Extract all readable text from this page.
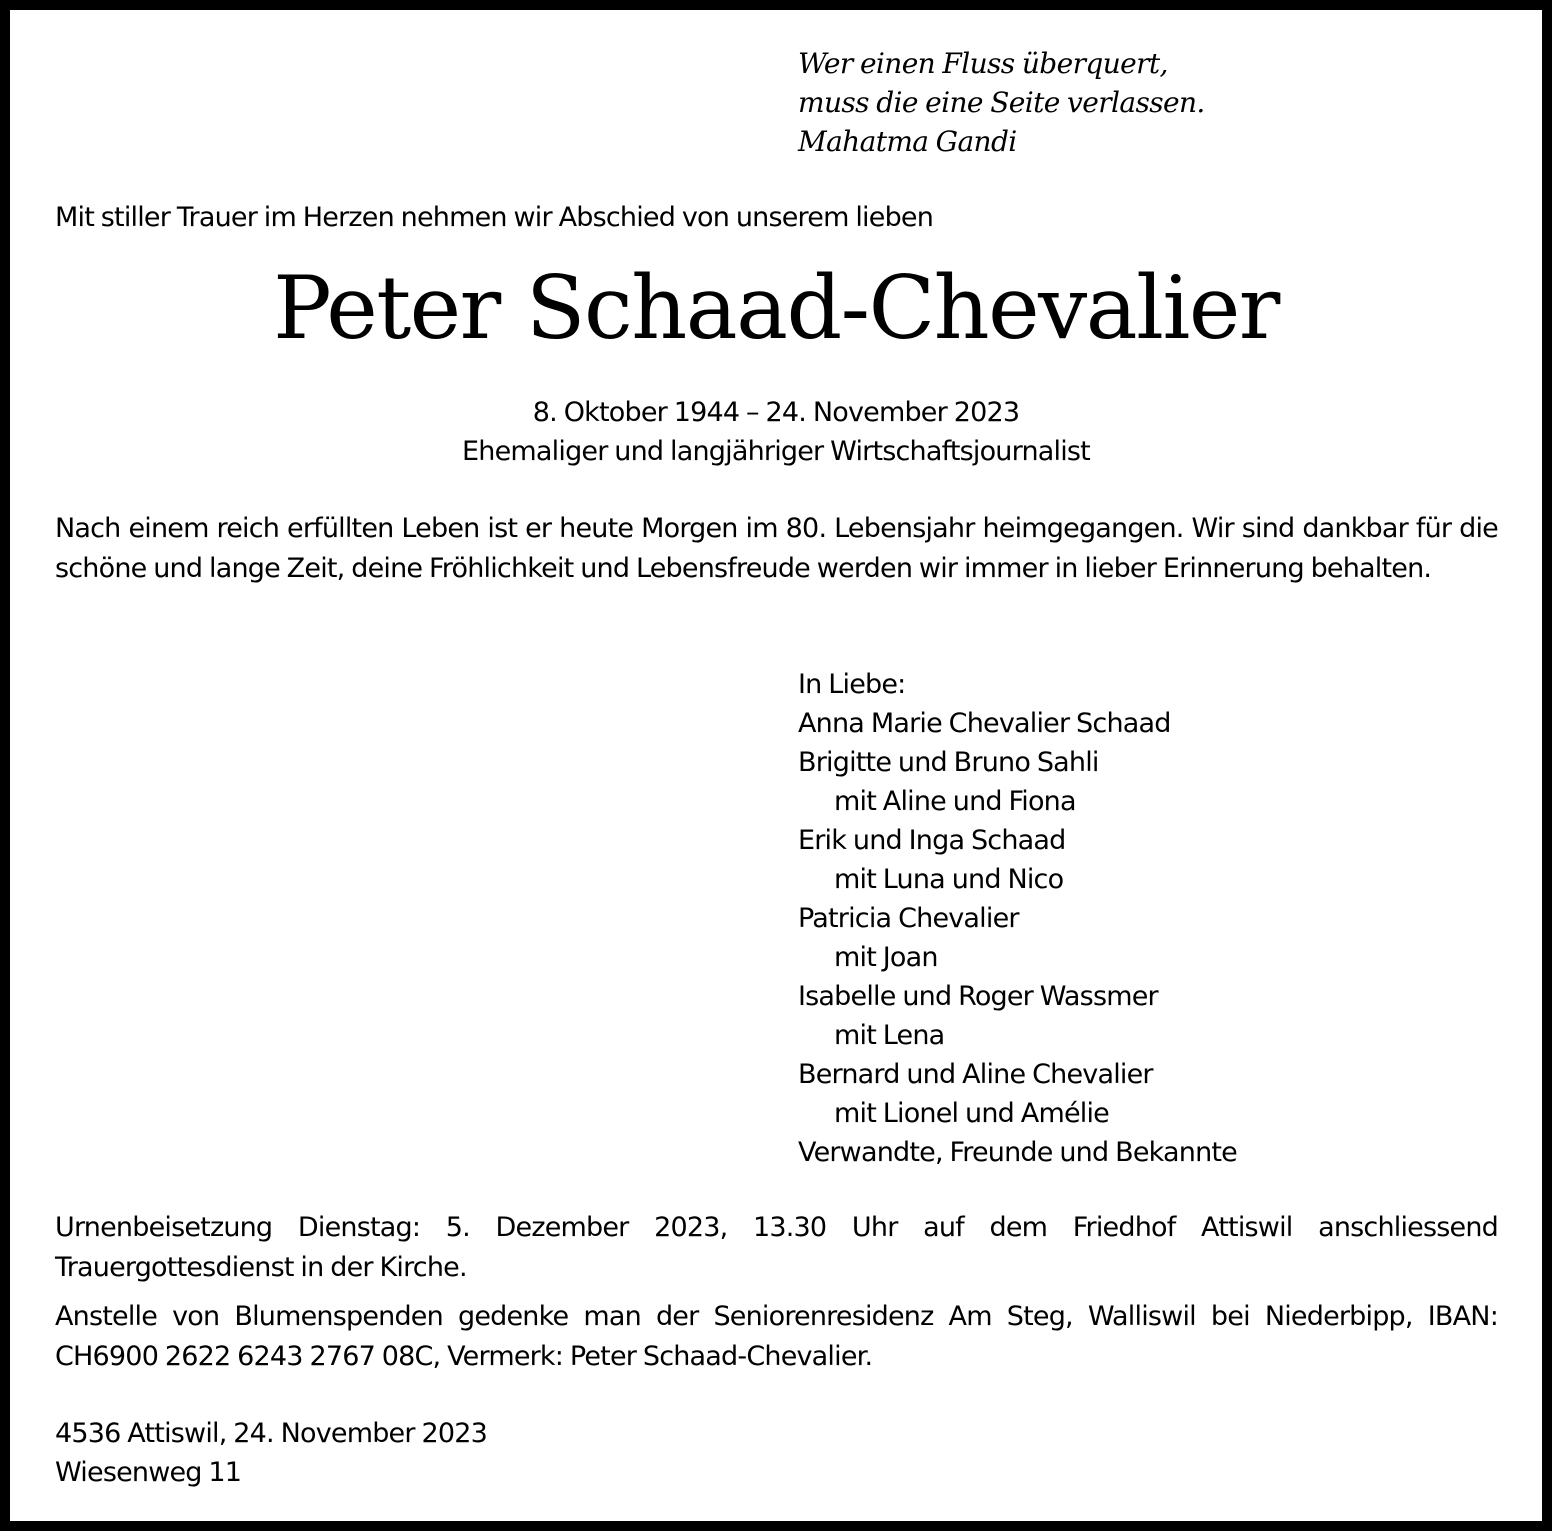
Wer einen Fluss überquert,
muss die eine Seite verlassen.
Mahatma Gandi
Mit stiller Trauer im Herzen nehmen wir Abschied von unserem lieben
Peter Schaad-Chevalier
8. Oktober 1944 – 24. November 2023
Ehemaliger und langjähriger Wirtschaftsjournalist
Nach einem reich erfüllten Leben ist er heute Morgen im 80. Lebensjahr heimgegangen. Wir sind dankbar für die schöne und lange Zeit, deine Fröhlichkeit und Lebensfreude werden wir immer in lieber Erinnerung behalten.
In Liebe:
Anna Marie Chevalier Schaad
Brigitte und Bruno Sahli
mit Aline und Fiona
Erik und Inga Schaad
mit Luna und Nico
Patricia Chevalier
mit Joan
Isabelle und Roger Wassmer
mit Lena
Bernard und Aline Chevalier
mit Lionel und Amélie
Verwandte, Freunde und Bekannte
Urnenbeisetzung Dienstag: 5. Dezember 2023, 13.30 Uhr auf dem Friedhof Attiswil anschliessend Trauergottesdienst in der Kirche.
Anstelle von Blumenspenden gedenke man der Seniorenresidenz Am Steg, Walliswil bei Niederbipp, IBAN: CH6900 2622 6243 2767 08C, Vermerk: Peter Schaad-Chevalier.
4536 Attiswil, 24. November 2023
Wiesenweg 11
